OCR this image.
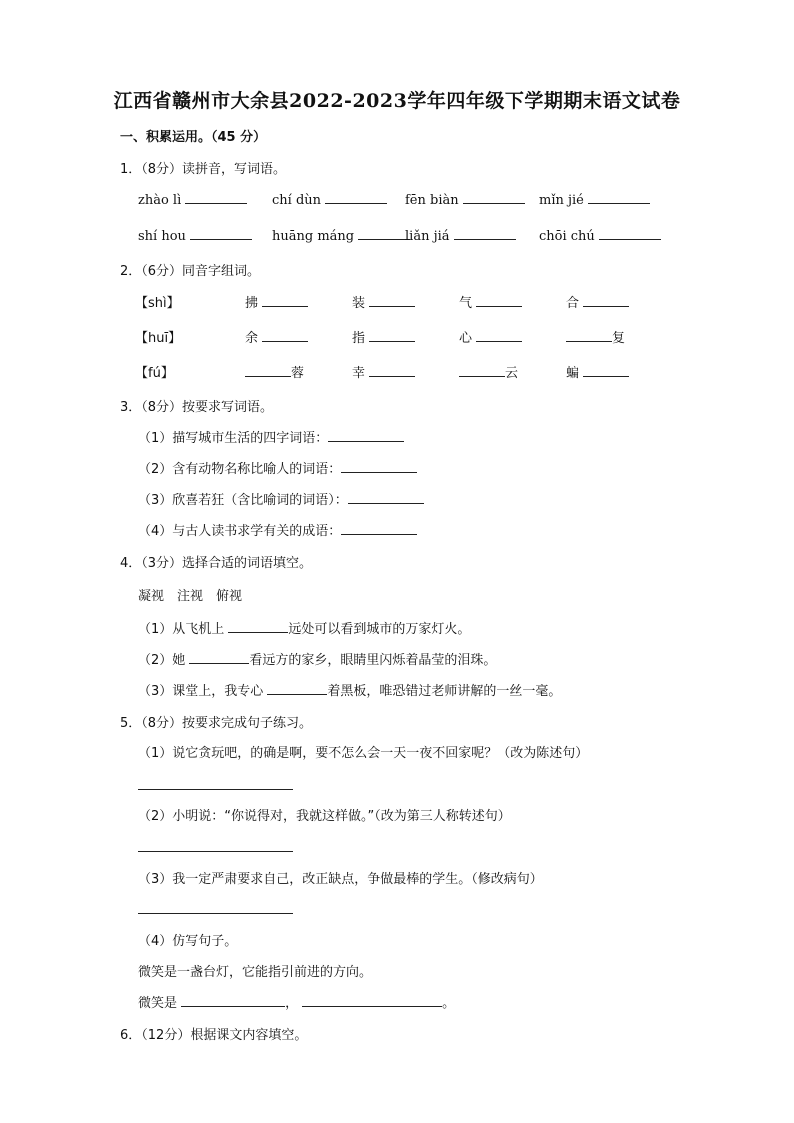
江西省赣州市大余县2022-2023学年四年级下学期期末语文试卷
一、积累运用。（45 分）
1．（8分）读拼音，写词语。
zhào lì	chí dùn	fēn biàn	mǐn jié
shí hou	huāng máng	liǎn jiá	chōi chú
2．（6分）同音字组词。
【shì】	拂	装	气	合
【huī】	余	指	心	复
【fú】	蓉	幸	云	蝙
3．（8分）按要求写词语。
（1）描写城市生活的四字词语：
（2）含有动物名称比喻人的词语：
（3）欣喜若狂（含比喻词的词语）：
（4）与古人读书求学有关的成语：
4．（3分）选择合适的词语填空。
凝视　注视　俯视
（1）从飞机上	远处可以看到城市的万家灯火。
（2）她	看远方的家乡，眼睛里闪烁着晶莹的泪珠。
（3）课堂上，我专心	着黑板，唯恐错过老师讲解的一丝一毫。
5．（8分）按要求完成句子练习。
（1）说它贪玩吧，的确是啊，要不怎么会一天一夜不回家呢？（改为陈述句）
（2）小明说：“你说得对，我就这样做。”（改为第三人称转述句）
（3）我一定严肃要求自己，改正缺点，争做最棒的学生。（修改病句）
（4）仿写句子。
微笑是一盏台灯，它能指引前进的方向。
微笑是	，	。
6．（12分）根据课文内容填空。
